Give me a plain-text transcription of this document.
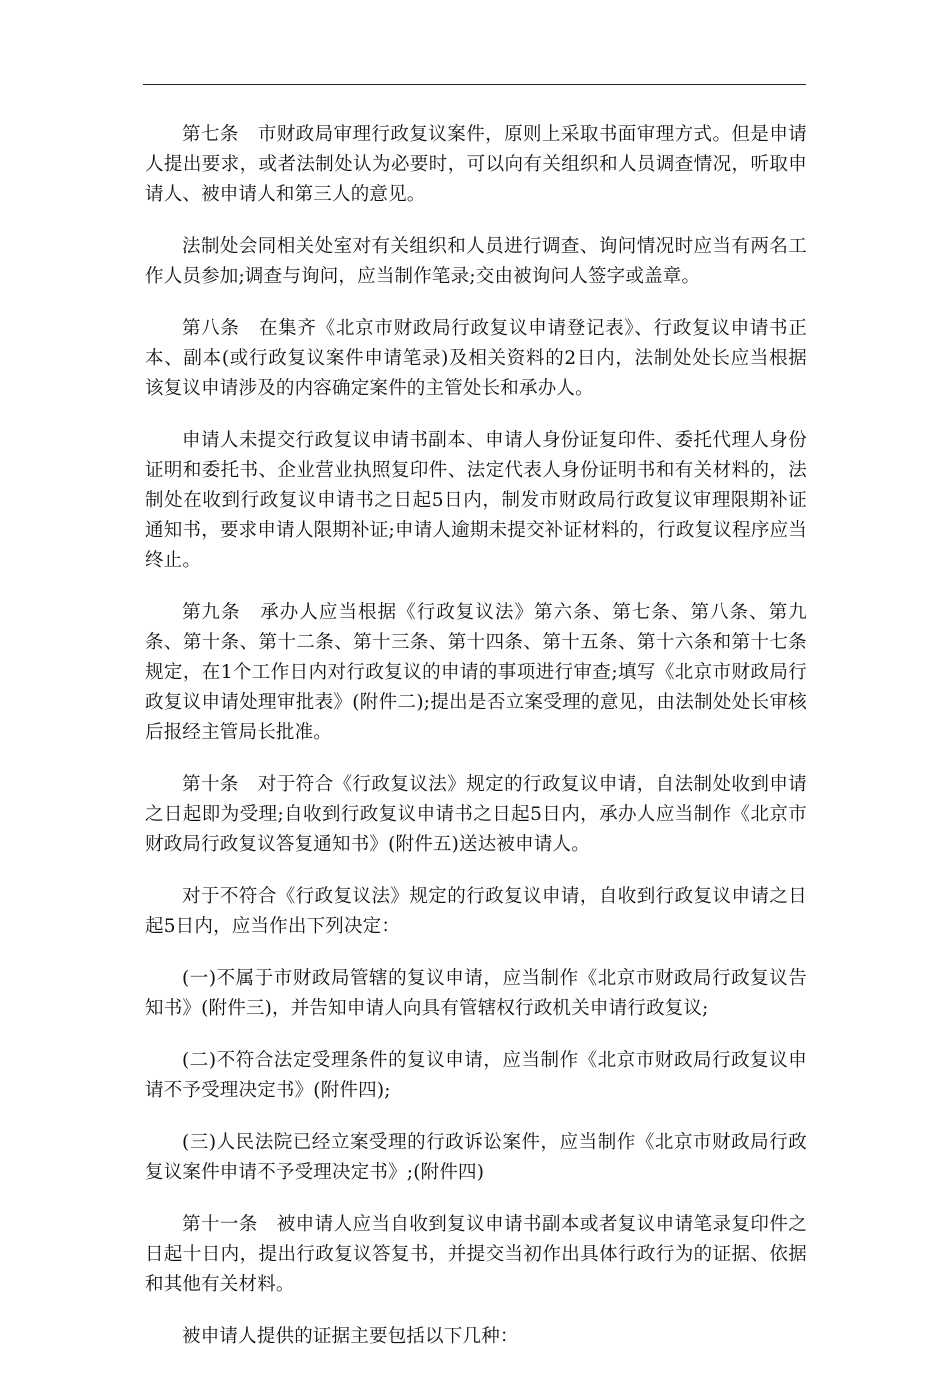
第七条　市财政局审理行政复议案件，原则上采取书面审理方式。但是申请人提出要求，或者法制处认为必要时，可以向有关组织和人员调查情况，听取申请人、被申请人和第三人的意见。

法制处会同相关处室对有关组织和人员进行调查、询问情况时应当有两名工作人员参加;调查与询问，应当制作笔录;交由被询问人签字或盖章。

第八条　在集齐《北京市财政局行政复议申请登记表》、行政复议申请书正本、副本(或行政复议案件申请笔录)及相关资料的2日内，法制处处长应当根据该复议申请涉及的内容确定案件的主管处长和承办人。

申请人未提交行政复议申请书副本、申请人身份证复印件、委托代理人身份证明和委托书、企业营业执照复印件、法定代表人身份证明书和有关材料的，法制处在收到行政复议申请书之日起5日内，制发市财政局行政复议审理限期补证通知书，要求申请人限期补证;申请人逾期未提交补证材料的，行政复议程序应当终止。

第九条　承办人应当根据《行政复议法》第六条、第七条、第八条、第九条、第十条、第十二条、第十三条、第十四条、第十五条、第十六条和第十七条规定，在1个工作日内对行政复议的申请的事项进行审查;填写《北京市财政局行政复议申请处理审批表》(附件二);提出是否立案受理的意见，由法制处处长审核后报经主管局长批准。

第十条　对于符合《行政复议法》规定的行政复议申请，自法制处收到申请之日起即为受理;自收到行政复议申请书之日起5日内，承办人应当制作《北京市财政局行政复议答复通知书》(附件五)送达被申请人。

对于不符合《行政复议法》规定的行政复议申请，自收到行政复议申请之日起5日内，应当作出下列决定：

(一)不属于市财政局管辖的复议申请，应当制作《北京市财政局行政复议告知书》(附件三)，并告知申请人向具有管辖权行政机关申请行政复议;

(二)不符合法定受理条件的复议申请，应当制作《北京市财政局行政复议申请不予受理决定书》(附件四);

(三)人民法院已经立案受理的行政诉讼案件，应当制作《北京市财政局行政复议案件申请不予受理决定书》;(附件四)

第十一条　被申请人应当自收到复议申请书副本或者复议申请笔录复印件之日起十日内，提出行政复议答复书，并提交当初作出具体行政行为的证据、依据和其他有关材料。

被申请人提供的证据主要包括以下几种：
